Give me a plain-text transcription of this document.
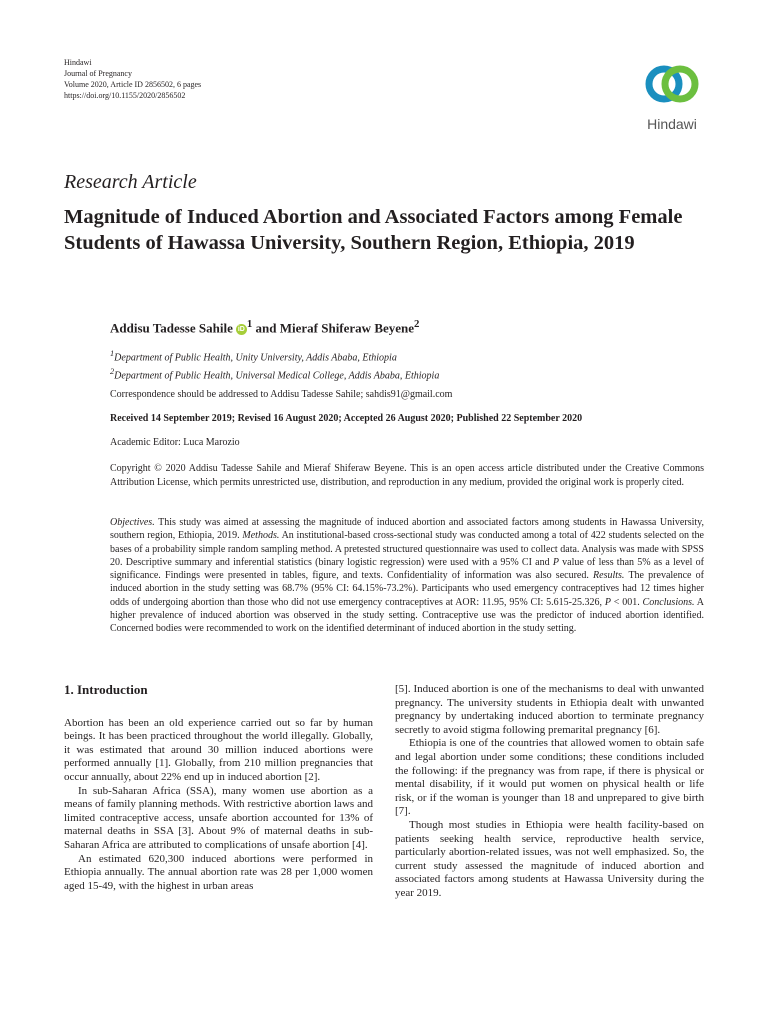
Hindawi
Journal of Pregnancy
Volume 2020, Article ID 2856502, 6 pages
https://doi.org/10.1155/2020/2856502
Hindawi
Research Article
Magnitude of Induced Abortion and Associated Factors among Female Students of Hawassa University, Southern Region, Ethiopia, 2019
Addisu Tadesse Sahile iD $^1$ and Mieraf Shiferaw Beyene$^2$
$^1$Department of Public Health, Unity University, Addis Ababa, Ethiopia
$^2$Department of Public Health, Universal Medical College, Addis Ababa, Ethiopia
Correspondence should be addressed to Addisu Tadesse Sahile; sahdis91@gmail.com
Received 14 September 2019; Revised 16 August 2020; Accepted 26 August 2020; Published 22 September 2020
Academic Editor: Luca Marozio

Copyright © 2020 Addisu Tadesse Sahile and Mieraf Shiferaw Beyene. This is an open access article distributed under the Creative Commons Attribution License, which permits unrestricted use, distribution, and reproduction in any medium, provided the original work is properly cited.

Objectives. This study was aimed at assessing the magnitude of induced abortion and associated factors among students in Hawassa University, southern region, Ethiopia, 2019. Methods. An institutional-based cross-sectional study was conducted among a total of 422 students selected on the bases of a probability simple random sampling method. A pretested structured questionnaire was used to collect data. Analysis was made with SPSS 20. Descriptive summary and inferential statistics (binary logistic regression) were used with a 95% CI and P value of less than 5% as a level of significance. Findings were presented in tables, figure, and texts. Confidentiality of information was also secured. Results. The prevalence of induced abortion in the study setting was 68.7% (95% CI: 64.15%-73.2%). Participants who used emergency contraceptives had 12 times higher odds of undergoing abortion than those who did not use emergency contraceptives at AOR: 11.95, 95% CI: 5.615-25.326, P < 001. Conclusions. A higher prevalence of induced abortion was observed in the study setting. Contraceptive use was the predictor of induced abortion identified. Concerned bodies were recommended to work on the identified determinant of induced abortion in the study setting.

1. Introduction

Abortion has been an old experience carried out so far by human beings. It has been practiced throughout the world illegally. Globally, it was estimated that around 30 million induced abortions were performed annually [1]. Globally, from 210 million pregnancies that occur annually, about 22% end up in induced abortion [2].

In sub-Saharan Africa (SSA), many women use abortion as a means of family planning methods. With restrictive abortion laws and limited contraceptive access, unsafe abortion accounted for 13% of maternal deaths in SSA [3]. About 9% of maternal deaths in sub-Saharan Africa are attributed to complications of unsafe abortion [4].

An estimated 620,300 induced abortions were performed in Ethiopia annually. The annual abortion rate was 28 per 1,000 women aged 15-49, with the highest in urban areas

[5]. Induced abortion is one of the mechanisms to deal with unwanted pregnancy. The university students in Ethiopia dealt with unwanted pregnancy by undertaking induced abortion to terminate pregnancy secretly to avoid stigma following premarital pregnancy [6].

Ethiopia is one of the countries that allowed women to obtain safe and legal abortion under some conditions; these conditions included the following: if the pregnancy was from rape, if there is physical or mental disability, if it would put women on physical health or life risk, or if the woman is younger than 18 and unprepared to give birth [7].

Though most studies in Ethiopia were health facility-based on patients seeking health service, reproductive health service, particularly abortion-related issues, was not well emphasized. So, the current study assessed the magnitude of induced abortion and associated factors among students at Hawassa University during the year 2019.
